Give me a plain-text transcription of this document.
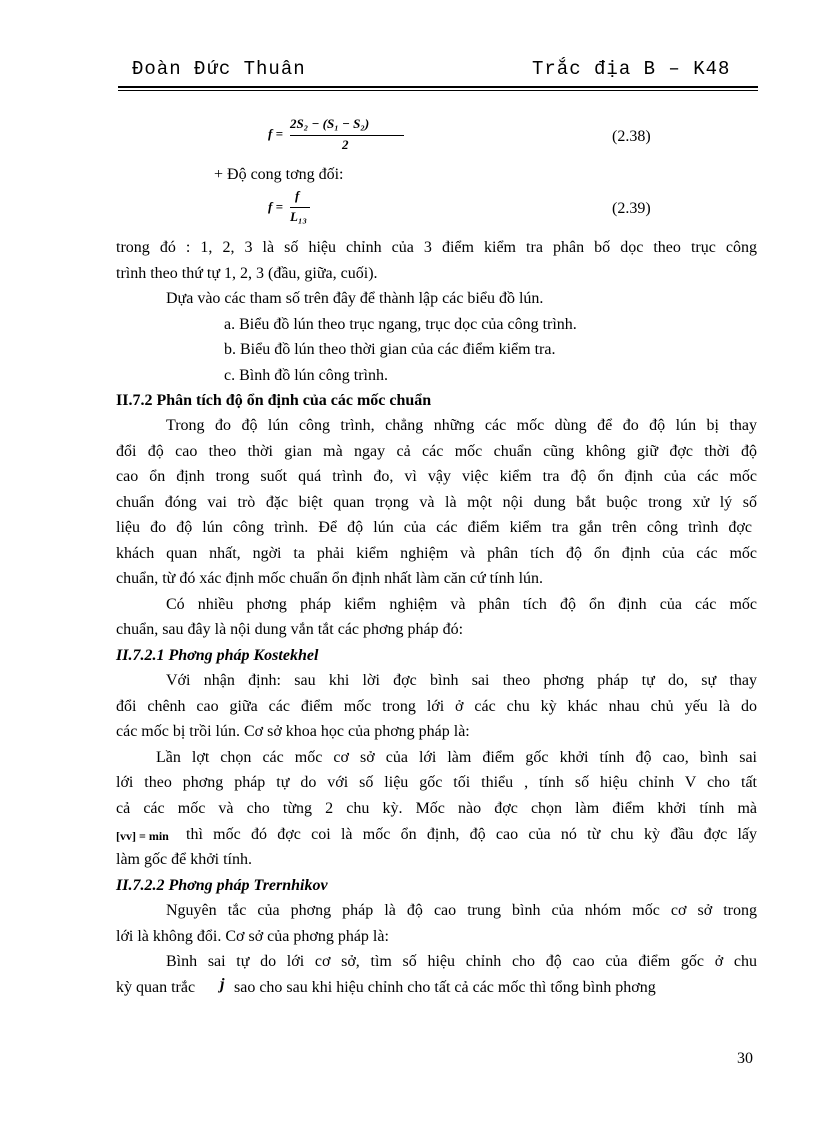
Đoàn Đức Thuân	Trắc địa B – K48
f =
2S₂ − (S₁ − S₂)
2	(2.38)
+ Độ cong tơng đối:
f =
f
L₁₃	(2.39)
trong đó : 1, 2, 3 là số hiệu chỉnh của 3 điểm kiểm tra phân bố dọc theo trục công
trình theo thứ tự 1, 2, 3 (đầu, giữa, cuối).
Dựa vào các tham số trên đây để thành lập các biểu đồ lún.
a. Biểu đồ lún theo trục ngang, trục dọc của công trình.
b. Biểu đồ lún theo thời gian của các điểm kiểm tra.
c. Bình đồ lún công trình.
II.7.2 Phân tích độ ổn định của các mốc chuẩn
Trong đo độ lún công trình, chẳng những các mốc dùng để đo độ lún bị thay
đổi độ cao theo thời gian mà ngay cả các mốc chuẩn cũng không giữ đợc thời độ
cao ổn định trong suốt quá trình đo, vì vậy việc kiểm tra độ ổn định của các mốc
chuẩn đóng vai trò đặc biệt quan trọng và là một nội dung bắt buộc trong xử lý số
liệu đo độ lún công trình. Để độ lún của các điểm kiểm tra gắn trên công trình đợc
khách quan nhất, ngời ta phải kiểm nghiệm và phân tích độ ổn định của các mốc
chuẩn, từ đó xác định mốc chuẩn ổn định nhất làm căn cứ tính lún.
Có nhiều phơng pháp kiểm nghiệm và phân tích độ ổn định của các mốc
chuẩn, sau đây là nội dung vắn tắt các phơng pháp đó:
II.7.2.1 Phơng pháp Kostekhel
Với nhận định: sau khi lời đợc bình sai theo phơng pháp tự do, sự thay
đổi chênh cao giữa các điểm mốc trong lới ở các chu kỳ khác nhau chủ yếu là do
các mốc bị trồi lún. Cơ sở khoa học của phơng pháp là:
Lần lợt chọn các mốc cơ sở của lới làm điểm gốc khởi tính độ cao, bình sai
lới theo phơng pháp tự do với số liệu gốc tối thiểu , tính số hiệu chỉnh V cho tất
cả các mốc và cho từng 2 chu kỳ. Mốc nào đợc chọn làm điểm khởi tính mà
[vv] = min thì mốc đó đợc coi là mốc ổn định, độ cao của nó từ chu kỳ đầu đợc lấy
làm gốc để khởi tính.
II.7.2.2 Phơng pháp Trernhikov
Nguyên tắc của phơng pháp là độ cao trung bình của nhóm mốc cơ sở trong
lới là không đổi. Cơ sở của phơng pháp là:
Bình sai tự do lới cơ sở, tìm số hiệu chỉnh cho độ cao của điểm gốc ở chu
kỳ quan trắc j sao cho sau khi hiệu chỉnh cho tất cả các mốc thì tổng bình phơng
30
